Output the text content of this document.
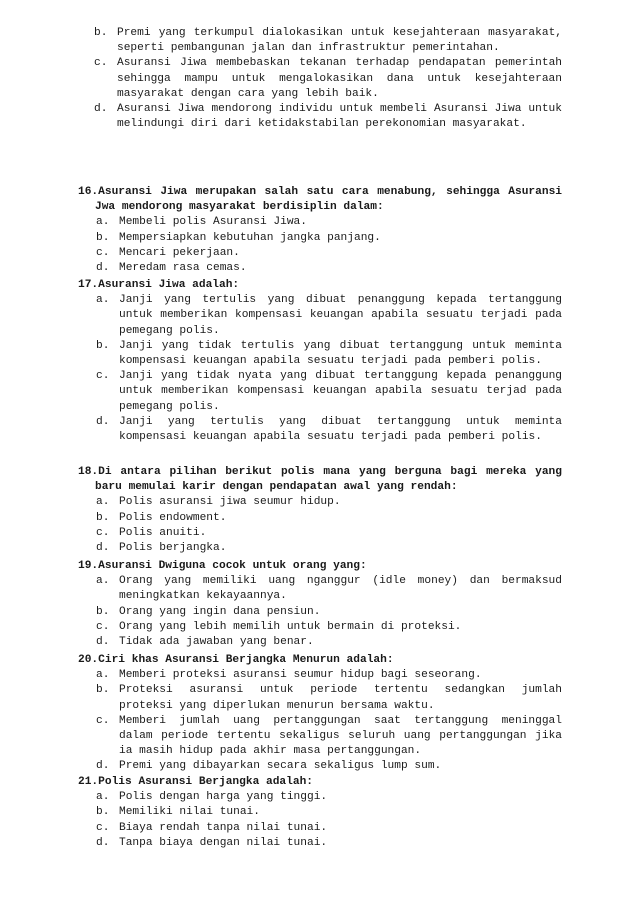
b. Premi yang terkumpul dialokasikan untuk kesejahteraan masyarakat, seperti pembangunan jalan dan infrastruktur pemerintahan.
c. Asuransi Jiwa membebaskan tekanan terhadap pendapatan pemerintah sehingga mampu untuk mengalokasikan dana untuk kesejahteraan masyarakat dengan cara yang lebih baik.
d. Asuransi Jiwa mendorong individu untuk membeli Asuransi Jiwa untuk melindungi diri dari ketidakstabilan perekonomian masyarakat.
16.Asuransi Jiwa merupakan salah satu cara menabung, sehingga Asuransi Jwa mendorong masyarakat berdisiplin dalam:
a. Membeli polis Asuransi Jiwa.
b. Mempersiapkan kebutuhan jangka panjang.
c. Mencari pekerjaan.
d. Meredam rasa cemas.
17.Asuransi Jiwa adalah:
a. Janji yang tertulis yang dibuat penanggung kepada tertanggung untuk memberikan kompensasi keuangan apabila sesuatu terjadi pada pemegang polis.
b. Janji yang tidak tertulis yang dibuat tertanggung untuk meminta kompensasi keuangan apabila sesuatu terjadi pada pemberi polis.
c. Janji yang tidak nyata yang dibuat tertanggung kepada penanggung untuk memberikan kompensasi keuangan apabila sesuatu terjad pada pemegang polis.
d. Janji yang tertulis yang dibuat tertanggung untuk meminta kompensasi keuangan apabila sesuatu terjadi pada pemberi polis.
18.Di antara pilihan berikut polis mana yang berguna bagi mereka yang baru memulai karir dengan pendapatan awal yang rendah:
a. Polis asuransi jiwa seumur hidup.
b. Polis endowment.
c. Polis anuiti.
d. Polis berjangka.
19.Asuransi Dwiguna cocok untuk orang yang:
a. Orang yang memiliki uang nganggur (idle money) dan bermaksud meningkatkan kekayaannya.
b. Orang yang ingin dana pensiun.
c. Orang yang lebih memilih untuk bermain di proteksi.
d. Tidak ada jawaban yang benar.
20.Ciri khas Asuransi Berjangka Menurun adalah:
a. Memberi proteksi asuransi seumur hidup bagi seseorang.
b. Proteksi asuransi untuk periode tertentu sedangkan jumlah proteksi yang diperlukan menurun bersama waktu.
c. Memberi jumlah uang pertanggungan saat tertanggung meninggal dalam periode tertentu sekaligus seluruh uang pertanggungan jika ia masih hidup pada akhir masa pertanggungan.
d. Premi yang dibayarkan secara sekaligus lump sum.
21.Polis Asuransi Berjangka adalah:
a. Polis dengan harga yang tinggi.
b. Memiliki nilai tunai.
c. Biaya rendah tanpa nilai tunai.
d. Tanpa biaya dengan nilai tunai.
